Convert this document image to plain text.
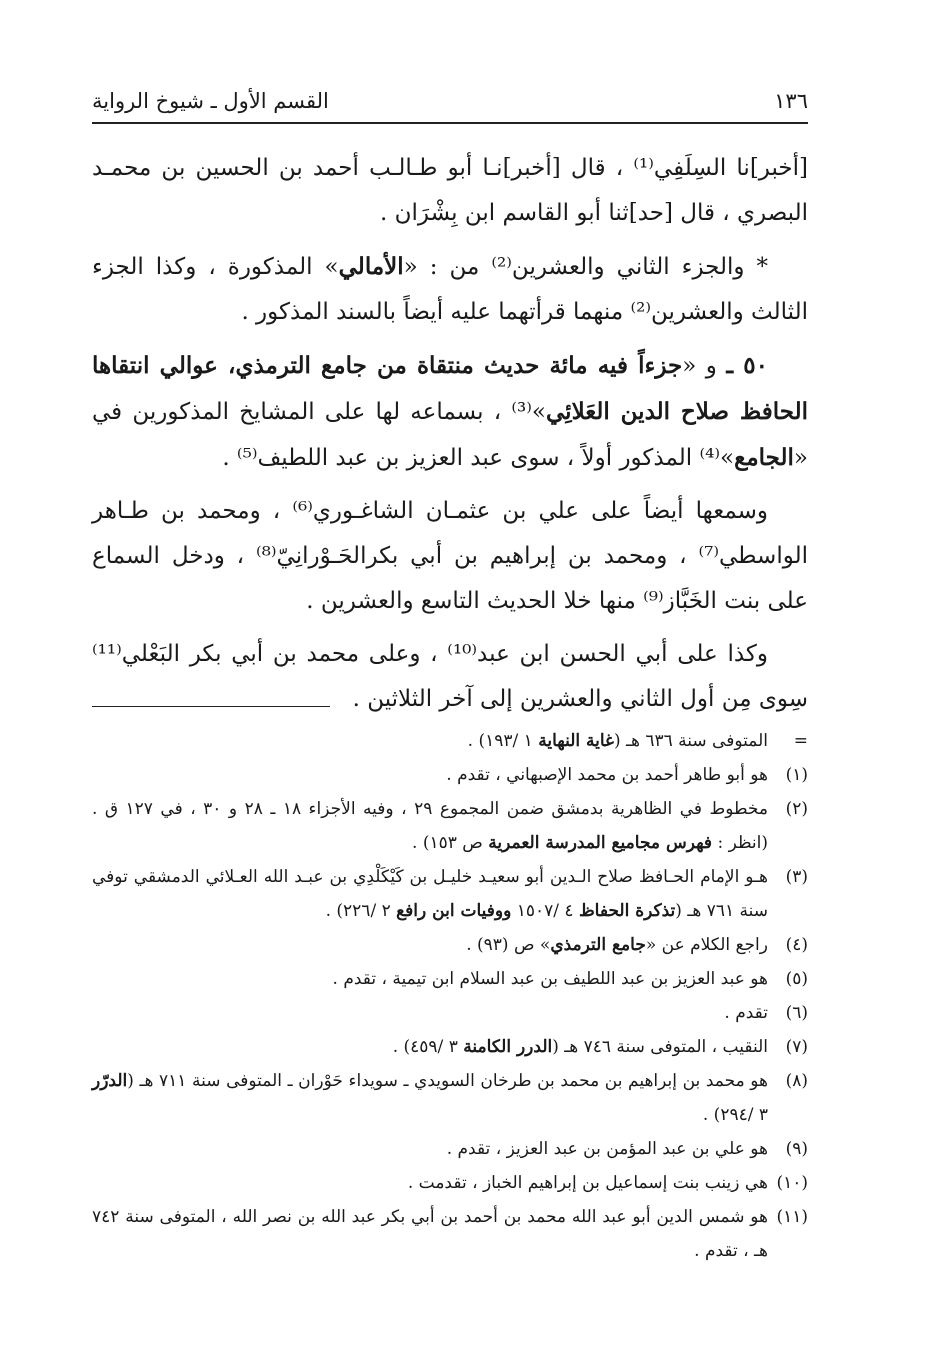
١٣٦
القسم الأول ـ شيوخ الرواية

[أخبر]نا السِلَفِي⁽¹⁾ ، قال [أخبر]نـا أبو طـالـب أحمد بن الحسين بن محمـد البصري ، قال [حد]ثنا أبو القاسم ابن بِشْرَان .

* والجزء الثاني والعشرين⁽²⁾ من : «الأمالي» المذكورة ، وكذا الجزء الثالث والعشرين⁽²⁾ منهما قرأتهما عليه أيضاً بالسند المذكور .

٥٠ ـ و «جزءاً فيه مائة حديث منتقاة من جامع الترمذي، عوالي انتقاها الحافظ صلاح الدين العَلائِي»⁽³⁾ ، بسماعه لها على المشايخ المذكورين في «الجامع»⁽⁴⁾ المذكور أولاً ، سوى عبد العزيز بن عبد اللطيف⁽⁵⁾ .

وسمعها أيضاً على علي بن عثمـان الشاغـوري⁽⁶⁾ ، ومحمد بن طـاهر الواسطي⁽⁷⁾ ، ومحمد بن إبراهيم بن أبي بكرالحَـوْرانِيّ⁽⁸⁾ ، ودخل السماع على بنت الخَبَّاز⁽⁹⁾ منها خلا الحديث التاسع والعشرين .

وكذا على أبي الحسن ابن عبد⁽¹⁰⁾ ، وعلى محمد بن أبي بكر البَعْلي⁽¹¹⁾ سِوى مِن أول الثاني والعشرين إلى آخر الثلاثين .

=
المتوفى سنة ٦٣٦ هـ (غاية النهاية ١ /١٩٣) .
(١)
هو أبو طاهر أحمد بن محمد الإصبهاني ، تقدم .
(٢)
مخطوط في الظاهرية بدمشق ضمن المجموع ٢٩ ، وفيه الأجزاء ١٨ ـ ٢٨ و ٣٠ ، في ١٢٧ ق . (انظر : فهرس مجاميع المدرسة العمرية ص ١٥٣) .
(٣)
هـو الإمام الحـافظ صلاح الـدين أبو سعيـد خليـل بن كَيْكَلْدِي بن عبـد الله العـلائي الدمشقي توفي سنة ٧٦١ هـ (تذكرة الحفاظ ٤ /١٥٠٧ ووفيات ابن رافع ٢ /٢٢٦) .
(٤)
راجع الكلام عن «جامع الترمذي» ص (٩٣) .
(٥)
هو عبد العزيز بن عبد اللطيف بن عبد السلام ابن تيمية ، تقدم .
(٦)
تقدم .
(٧)
النقيب ، المتوفى سنة ٧٤٦ هـ (الدرر الكامنة ٣ /٤٥٩) .
(٨)
هو محمد بن إبراهيم بن محمد بن طرخان السويدي ـ سويداء حَوْران ـ المتوفى سنة ٧١١ هـ (الدرّر ٣ /٢٩٤) .
(٩)
هو علي بن عبد المؤمن بن عبد العزيز ، تقدم .
(١٠)
هي زينب بنت إسماعيل بن إبراهيم الخباز ، تقدمت .
(١١)
هو شمس الدين أبو عبد الله محمد بن أحمد بن أبي بكر عبد الله بن نصر الله ، المتوفى سنة ٧٤٢ هـ ، تقدم .
